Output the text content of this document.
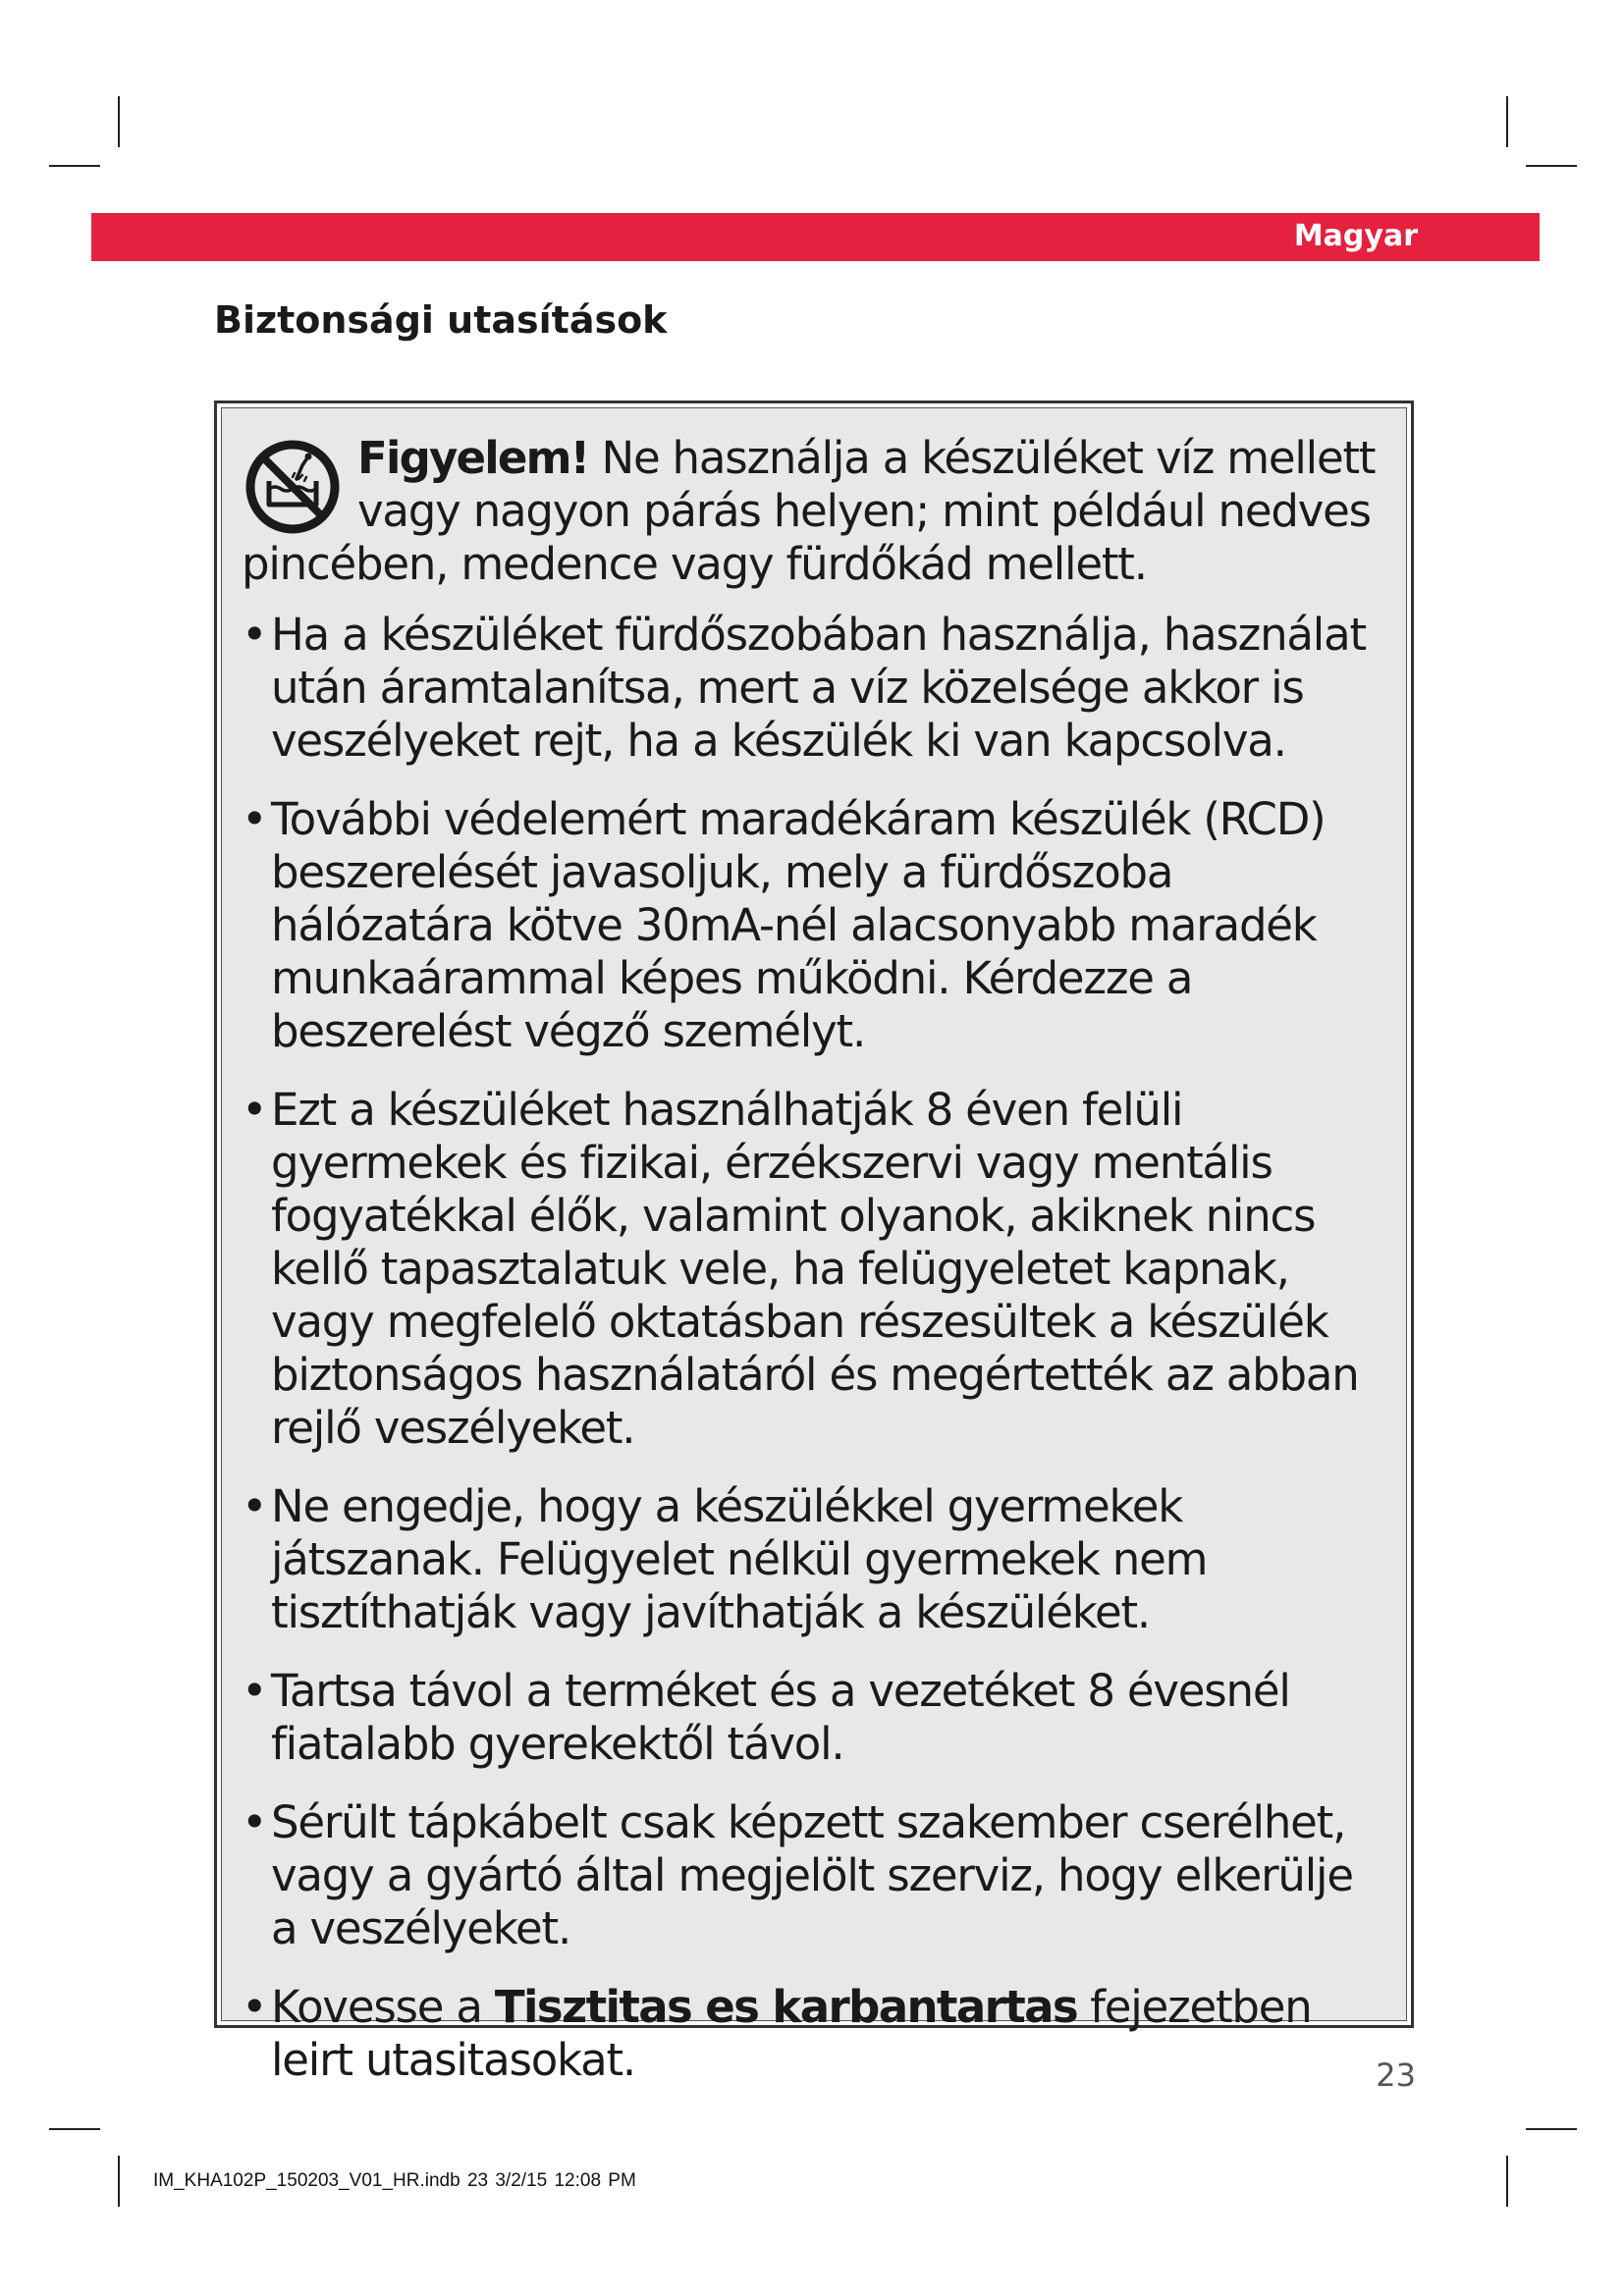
Magyar
Biztonsági utasítások

Figyelem! Ne használja a készüléket víz mellett vagy nagyon párás helyen; mint például nedves pincében, medence vagy fürdőkád mellett.

• Ha a készüléket fürdőszobában használja, használat után áramtalanítsa, mert a víz közelsége akkor is veszélyeket rejt, ha a készülék ki van kapcsolva.
• További védelemért maradékáram készülék (RCD) beszerelését javasoljuk, mely a fürdőszoba hálózatára kötve 30mA-nél alacsonyabb maradék munkaárammal képes működni. Kérdezze a beszerelést végző személyt.
• Ezt a készüléket használhatják 8 éven felüli gyermekek és fizikai, érzékszervi vagy mentális fogyatékkal élők, valamint olyanok, akiknek nincs kellő tapasztalatuk vele, ha felügyeletet kapnak, vagy megfelelő oktatásban részesültek a készülék biztonságos használatáról és megértették az abban rejlő veszélyeket.
• Ne engedje, hogy a készülékkel gyermekek játszanak. Felügyelet nélkül gyermekek nem tisztíthatják vagy javíthatják a készüléket.
• Tartsa távol a terméket és a vezetéket 8 évesnél fiatalabb gyerekektől távol.
• Sérült tápkábelt csak képzett szakember cserélhet, vagy a gyártó által megjelölt szerviz, hogy elkerülje a veszélyeket.
• Kovesse a Tisztitas es karbantartas fejezetben leirt utasitasokat.	23
IM_KHA102P_150203_V01_HR.indb 23 3/2/15 12:08 PM
